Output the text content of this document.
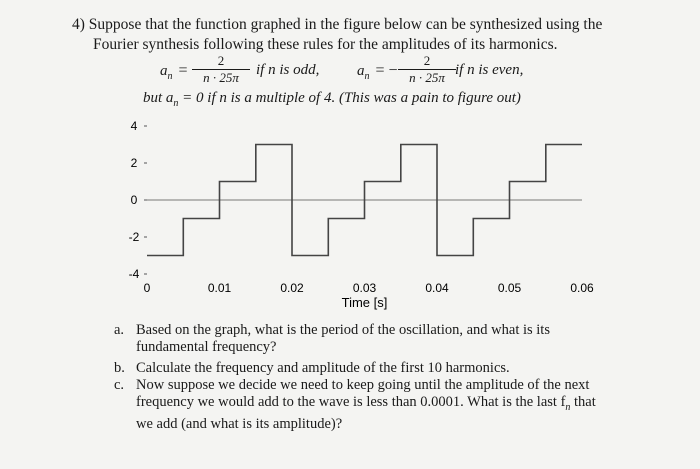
4) Suppose that the function graphed in the figure below can be synthesized using the
Fourier synthesis following these rules for the amplitudes of its harmonics.
$a_n$ =
2
n · 25π	if n is odd,	$a_n$ = −
2
n · 25π if n is even,
but $a_n = 0$ if n is a multiple of 4. (This was a pain to figure out)
4
2
0
-2
-4
0	0.01	0.02	0.03	0.04	0.05	0.06
Time [s]
a. Based on the graph, what is the period of the oscillation, and what is its
fundamental frequency?
b. Calculate the frequency and amplitude of the first 10 harmonics.
c. Now suppose we decide we need to keep going until the amplitude of the next
frequency we would add to the wave is less than 0.0001. What is the last $f_n$ that
we add (and what is its amplitude)?
